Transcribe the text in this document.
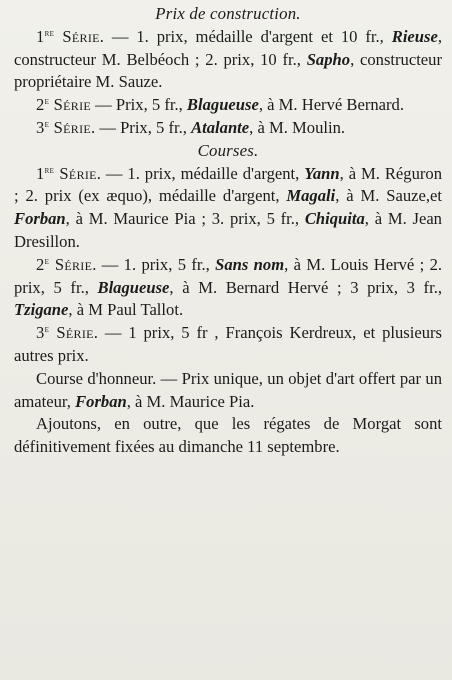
Prix de construction.

1re Série. — 1. prix, médaille d'argent et 10 fr., Rieuse, constructeur M. Belbéoch ; 2. prix, 10 fr., Sapho, constructeur propriétaire M. Sauze.

2e Série — Prix, 5 fr., Blagueuse, à M. Hervé Bernard.

3e Série. — Prix, 5 fr., Atalante, à M. Moulin.

Courses.

1re Série. — 1. prix, médaille d'argent, Yann, à M. Réguron ; 2. prix (ex æquo), médaille d'argent, Magali, à M. Sauze,et Forban, à M. Maurice Pia ; 3. prix, 5 fr., Chiquita, à M. Jean Dresillon.

2e Série. — 1. prix, 5 fr., Sans nom, à M. Louis Hervé ; 2. prix, 5 fr., Blagueuse, à M. Bernard Hervé ; 3 prix, 3 fr., Tzigane, à M Paul Tallot.

3e Série. — 1 prix, 5 fr , François Kerdreux, et plusieurs autres prix.

Course d'honneur. — Prix unique, un objet d'art offert par un amateur, Forban, à M. Maurice Pia.

Ajoutons, en outre, que les régates de Morgat sont définitivement fixées au dimanche 11 septembre.
